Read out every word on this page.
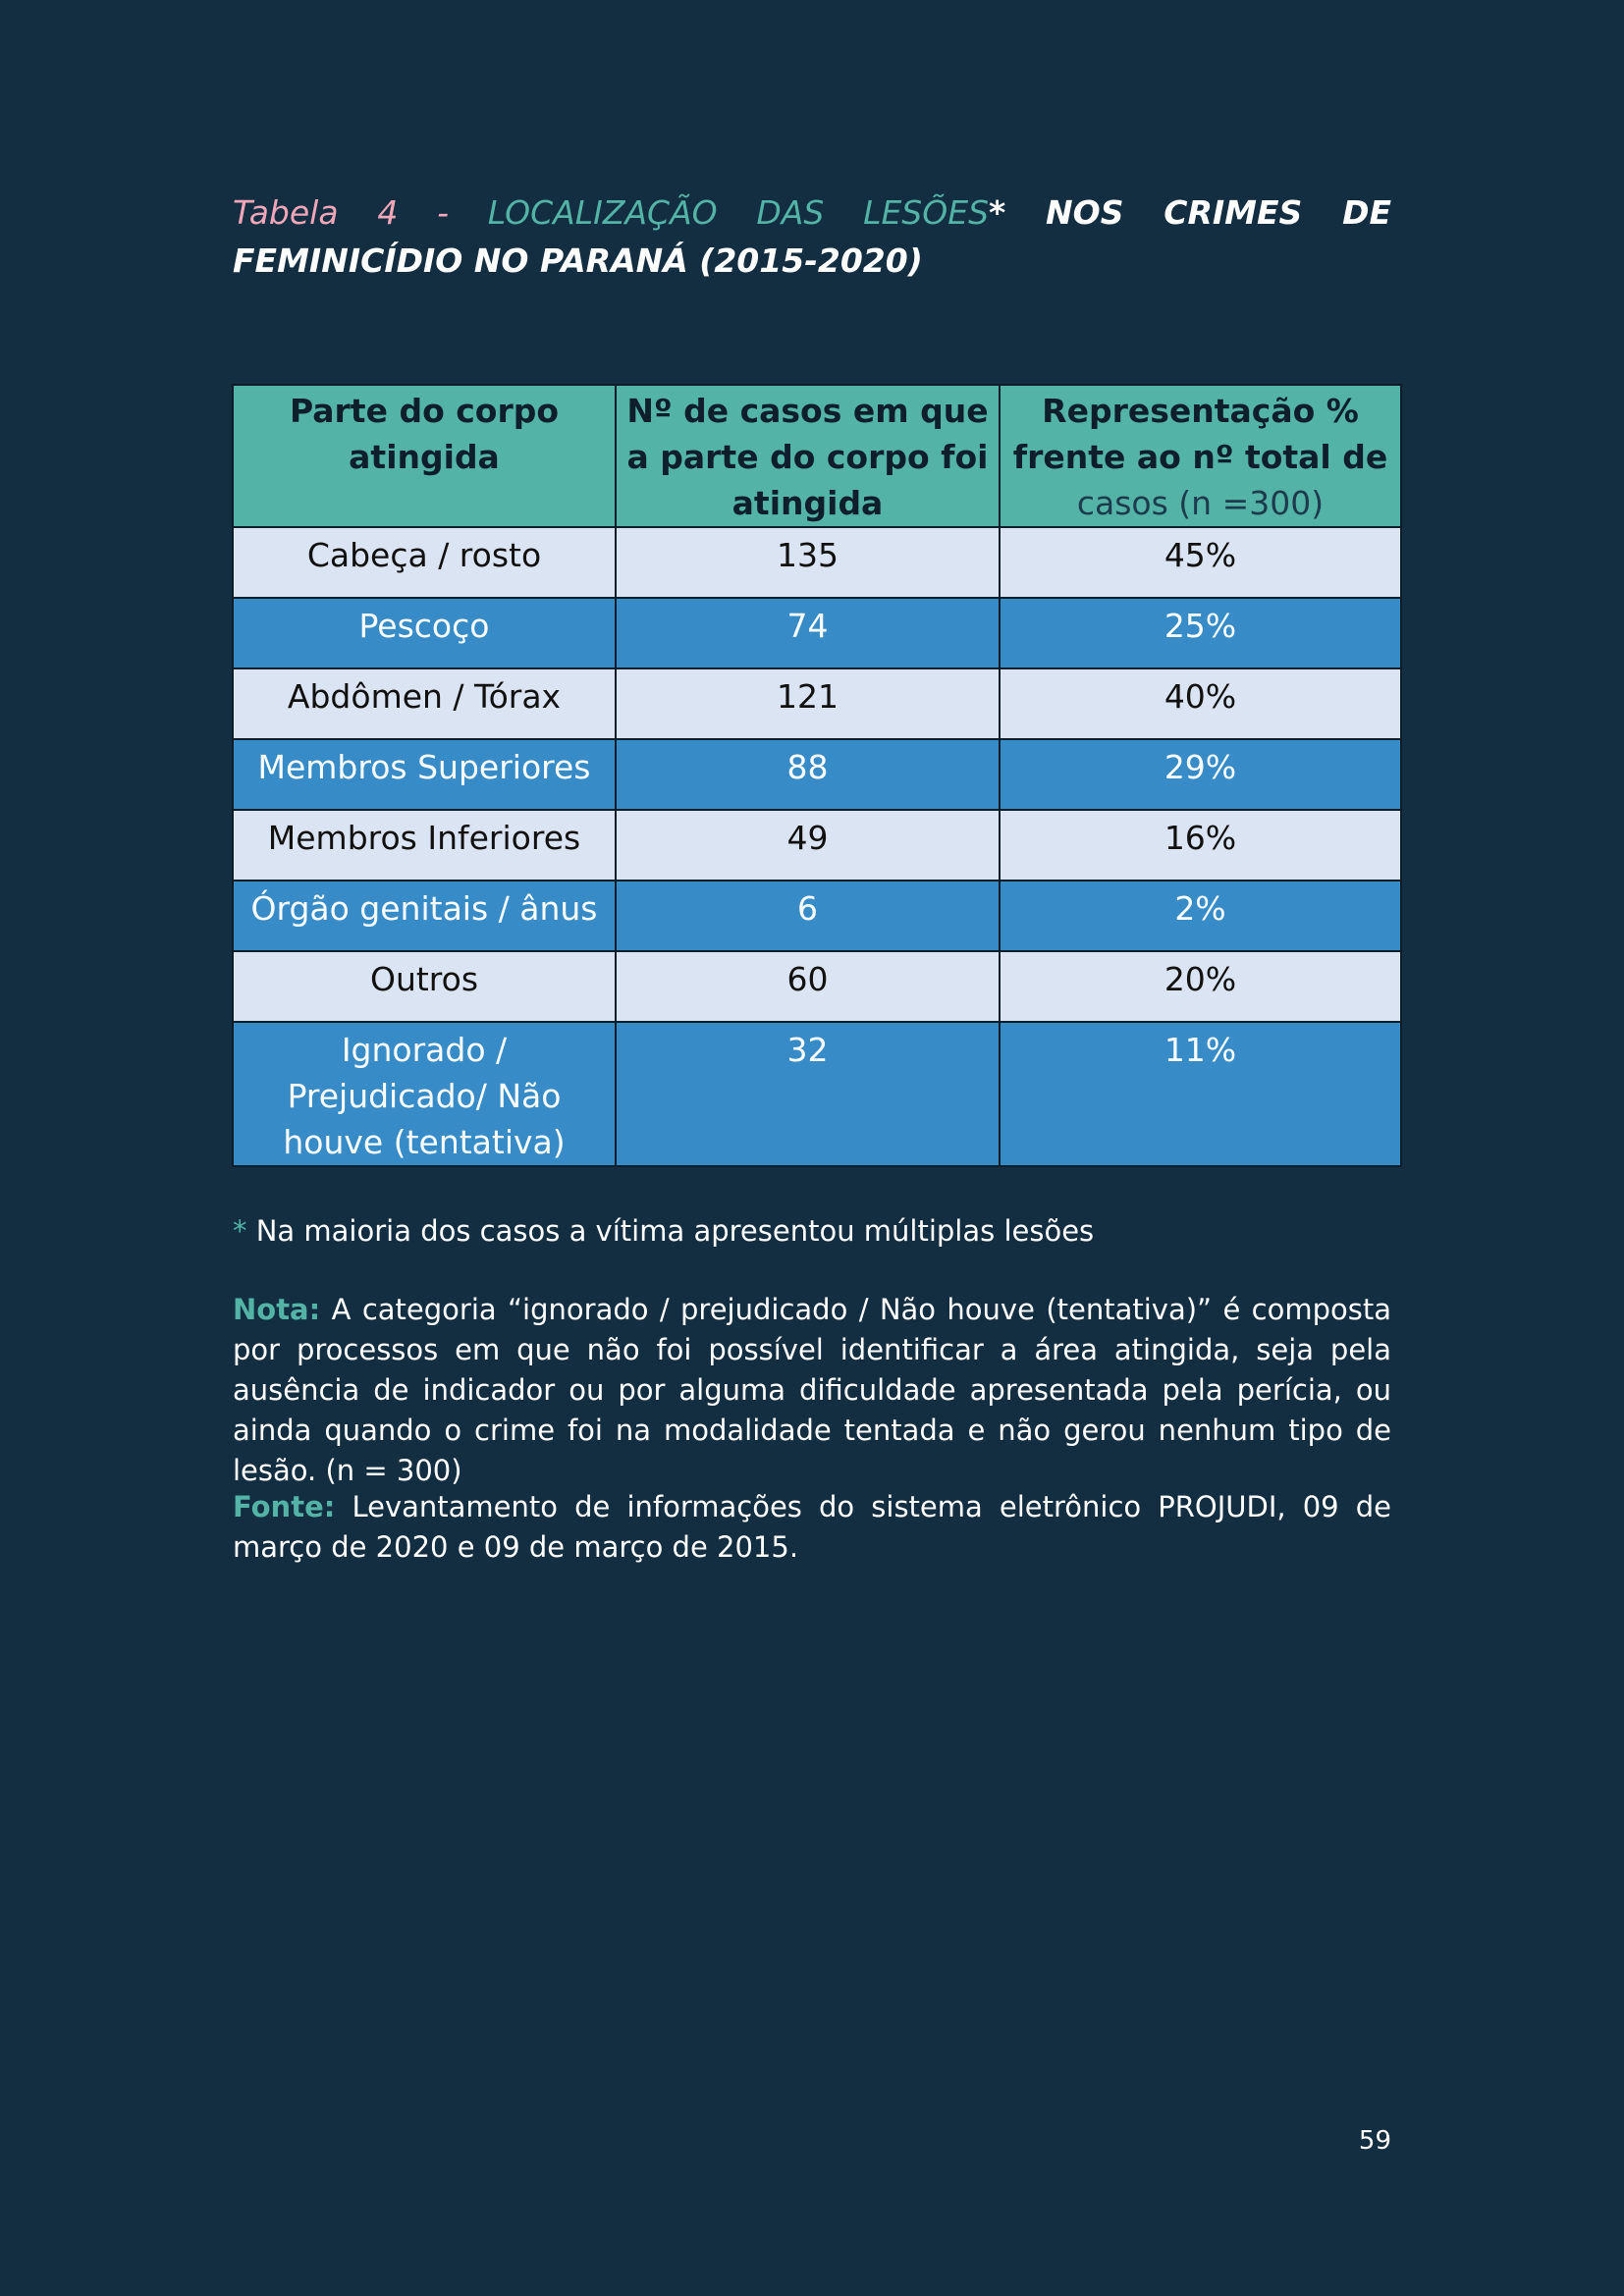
Tabela 4 - LOCALIZAÇÃO DAS LESÕES* NOS CRIMES DE FEMINICÍDIO NO PARANÁ (2015-2020)
Parte do corpo atingida	Nº de casos em que a parte do corpo foi atingida	Representação % frente ao nº total de casos (n =300)
Cabeça / rosto	135	45%
Pescoço	74	25%
Abdômen / Tórax	121	40%
Membros Superiores	88	29%
Membros Inferiores	49	16%
Órgão genitais / ânus	6	2%
Outros	60	20%
Ignorado / Prejudicado/ Não houve (tentativa)	32	11%
* Na maioria dos casos a vítima apresentou múltiplas lesões
Nota: A categoria “ignorado / prejudicado / Não houve (tentativa)” é composta por processos em que não foi possível identificar a área atingida, seja pela ausência de indicador ou por alguma dificuldade apresentada pela perícia, ou ainda quando o crime foi na modalidade tentada e não gerou nenhum tipo de lesão. (n = 300)
Fonte: Levantamento de informações do sistema eletrônico PROJUDI, 09 de março de 2020 e 09 de março de 2015.
59
